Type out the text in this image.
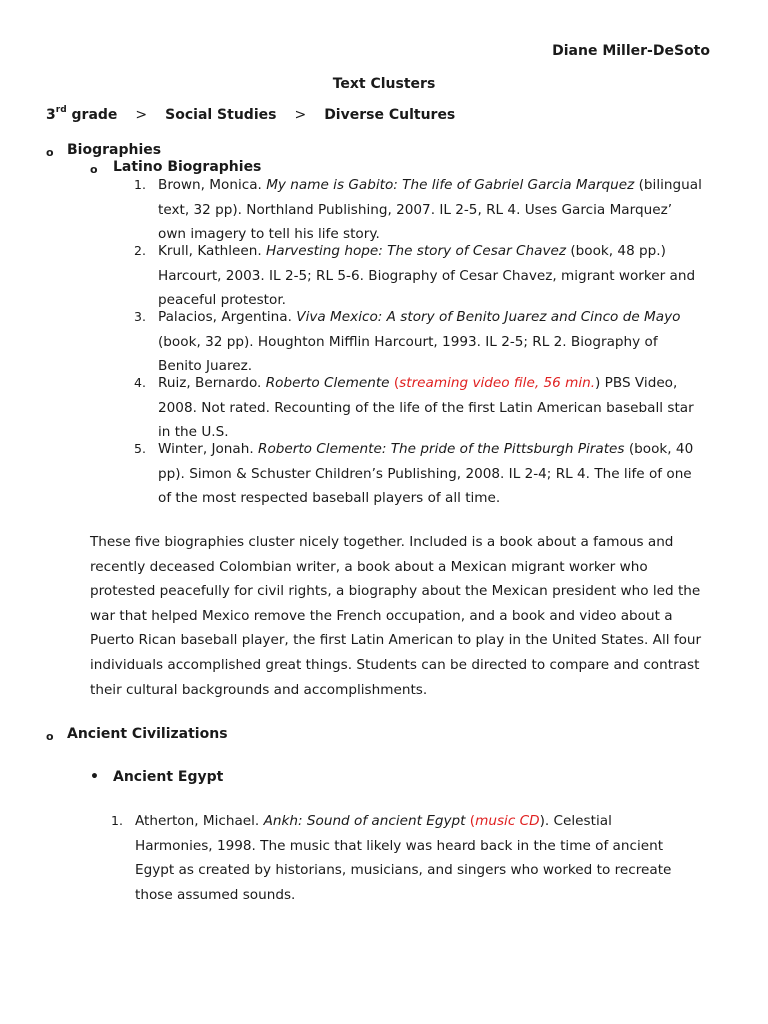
Diane Miller-DeSoto
Text Clusters
3rd grade > Social Studies > Diverse Cultures
o Biographies
o Latino Biographies
1. Brown, Monica. My name is Gabito: The life of Gabriel Garcia Marquez (bilingual text, 32 pp). Northland Publishing, 2007. IL 2-5, RL 4. Uses Garcia Marquez’ own imagery to tell his life story.
2. Krull, Kathleen. Harvesting hope: The story of Cesar Chavez (book, 48 pp.) Harcourt, 2003. IL 2-5; RL 5-6. Biography of Cesar Chavez, migrant worker and peaceful protestor.
3. Palacios, Argentina. Viva Mexico: A story of Benito Juarez and Cinco de Mayo (book, 32 pp). Houghton Mifflin Harcourt, 1993. IL 2-5; RL 2. Biography of Benito Juarez.
4. Ruiz, Bernardo. Roberto Clemente (streaming video file, 56 min.) PBS Video, 2008. Not rated. Recounting of the life of the first Latin American baseball star in the U.S.
5. Winter, Jonah. Roberto Clemente: The pride of the Pittsburgh Pirates (book, 40 pp). Simon & Schuster Children’s Publishing, 2008. IL 2-4; RL 4. The life of one of the most respected baseball players of all time.
These five biographies cluster nicely together. Included is a book about a famous and recently deceased Colombian writer, a book about a Mexican migrant worker who protested peacefully for civil rights, a biography about the Mexican president who led the war that helped Mexico remove the French occupation, and a book and video about a Puerto Rican baseball player, the first Latin American to play in the United States. All four individuals accomplished great things. Students can be directed to compare and contrast their cultural backgrounds and accomplishments.
o Ancient Civilizations
• Ancient Egypt
1. Atherton, Michael. Ankh: Sound of ancient Egypt (music CD). Celestial Harmonies, 1998. The music that likely was heard back in the time of ancient Egypt as created by historians, musicians, and singers who worked to recreate those assumed sounds.
